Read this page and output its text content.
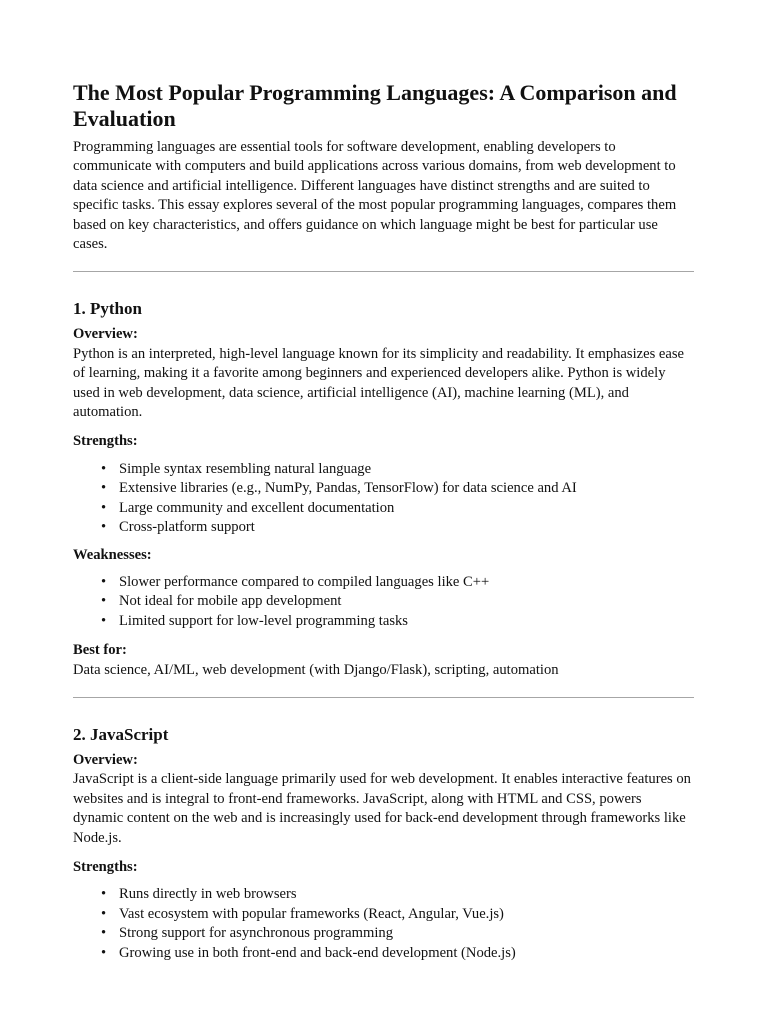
The Most Popular Programming Languages: A Comparison and Evaluation

Programming languages are essential tools for software development, enabling developers to communicate with computers and build applications across various domains, from web development to data science and artificial intelligence. Different languages have distinct strengths and are suited to specific tasks. This essay explores several of the most popular programming languages, compares them based on key characteristics, and offers guidance on which language might be best for particular use cases.

1. Python
Overview:

Python is an interpreted, high-level language known for its simplicity and readability. It emphasizes ease of learning, making it a favorite among beginners and experienced developers alike. Python is widely used in web development, data science, artificial intelligence (AI), machine learning (ML), and automation.

Strengths:
• Simple syntax resembling natural language
• Extensive libraries (e.g., NumPy, Pandas, TensorFlow) for data science and AI
• Large community and excellent documentation
• Cross-platform support
Weaknesses:
• Slower performance compared to compiled languages like C++
• Not ideal for mobile app development
• Limited support for low-level programming tasks
Best for:

Data science, AI/ML, web development (with Django/Flask), scripting, automation

2. JavaScript
Overview:

JavaScript is a client-side language primarily used for web development. It enables interactive features on websites and is integral to front-end frameworks. JavaScript, along with HTML and CSS, powers dynamic content on the web and is increasingly used for back-end development through frameworks like Node.js.

Strengths:
• Runs directly in web browsers
• Vast ecosystem with popular frameworks (React, Angular, Vue.js)
• Strong support for asynchronous programming
• Growing use in both front-end and back-end development (Node.js)
